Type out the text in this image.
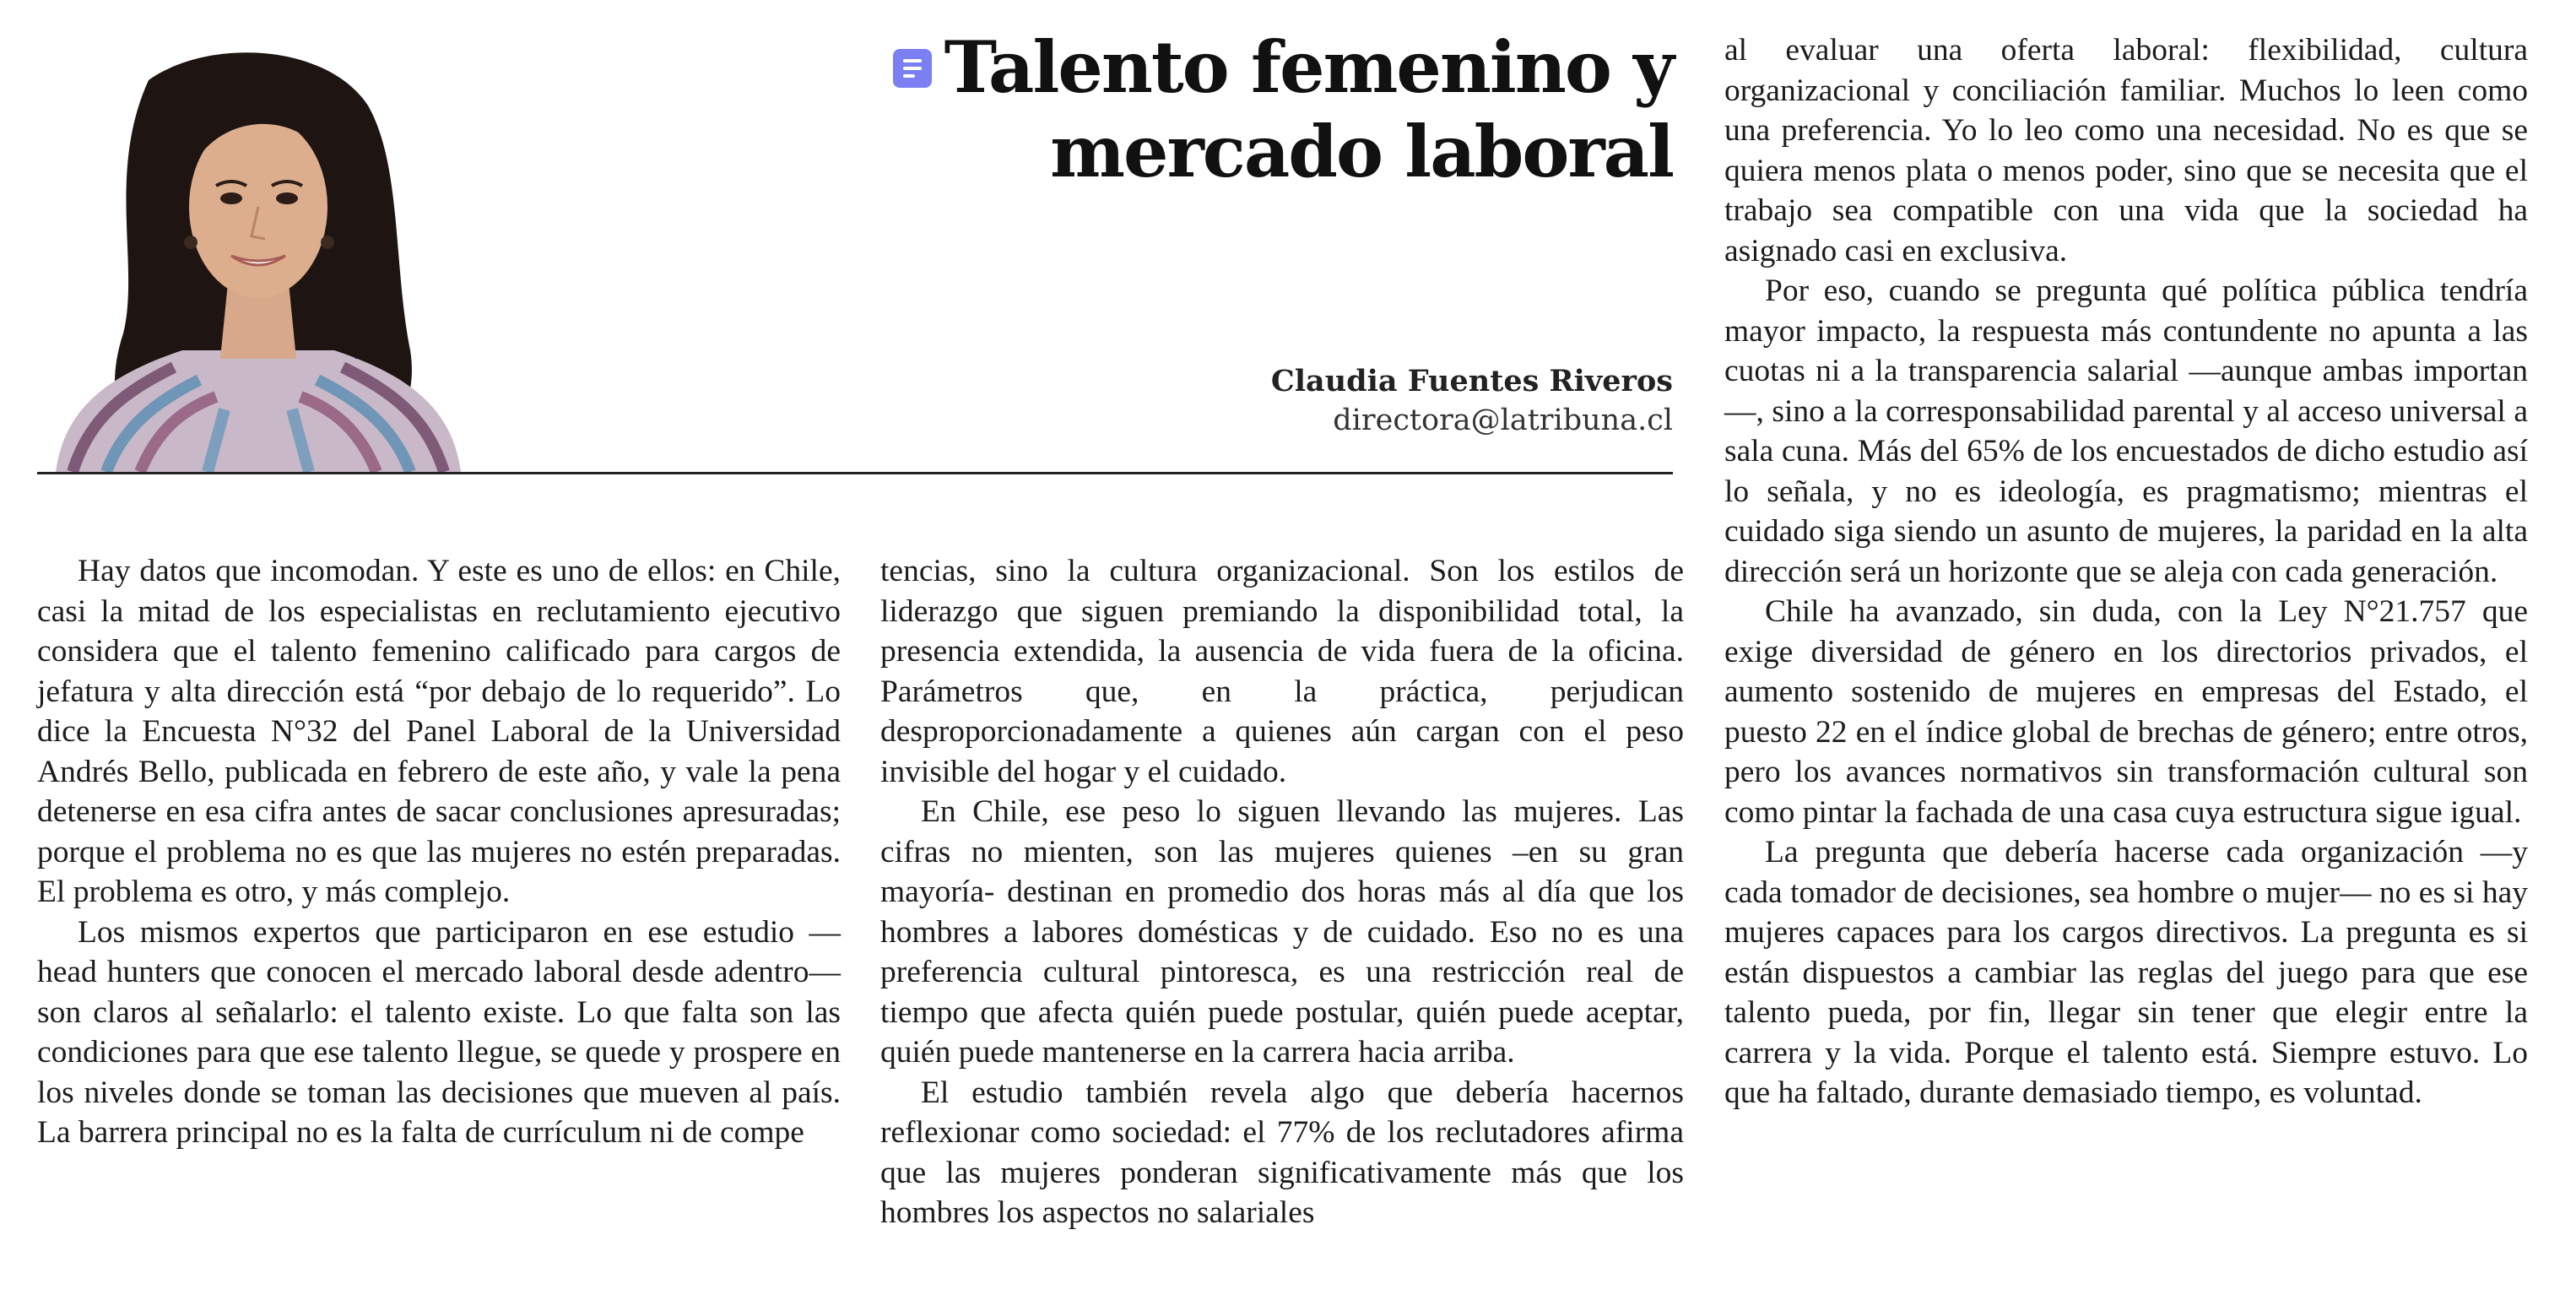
Talento femenino y mercado laboral
Claudia Fuentes Riveros
directora@latribuna.cl

Hay datos que incomodan. Y este es uno de ellos: en Chile, casi la mitad de los especialistas en reclutamiento ejecutivo considera que el talento femenino calificado para cargos de jefatura y alta dirección está “por debajo de lo requerido”. Lo dice la Encuesta N°32 del Panel Laboral de la Universidad Andrés Bello, publicada en febrero de este año, y vale la pena detenerse en esa cifra antes de sacar conclusiones apresuradas; porque el problema no es que las mujeres no estén preparadas. El problema es otro, y más complejo.

Los mismos expertos que participaron en ese estudio —head hunters que conocen el mercado laboral desde adentro— son claros al señalarlo: el talento existe. Lo que falta son las condiciones para que ese talento llegue, se quede y prospere en los niveles donde se toman las decisiones que mueven al país. La barrera principal no es la falta de currículum ni de compe

tencias, sino la cultura organizacional. Son los estilos de liderazgo que siguen premiando la disponibilidad total, la presencia extendida, la ausencia de vida fuera de la oficina. Parámetros que, en la práctica, perjudican desproporcionadamente a quienes aún cargan con el peso invisible del hogar y el cuidado.

En Chile, ese peso lo siguen llevando las mujeres. Las cifras no mienten, son las mujeres quienes –en su gran mayoría- destinan en promedio dos horas más al día que los hombres a labores domésticas y de cuidado. Eso no es una preferencia cultural pintoresca, es una restricción real de tiempo que afecta quién puede postular, quién puede aceptar, quién puede mantenerse en la carrera hacia arriba.

El estudio también revela algo que debería hacernos reflexionar como sociedad: el 77% de los reclutadores afirma que las mujeres ponderan significativamente más que los hombres los aspectos no salariales

al evaluar una oferta laboral: flexibilidad, cultura organizacional y conciliación familiar. Muchos lo leen como una preferencia. Yo lo leo como una necesidad. No es que se quiera menos plata o menos poder, sino que se necesita que el trabajo sea compatible con una vida que la sociedad ha asignado casi en exclusiva.

Por eso, cuando se pregunta qué política pública tendría mayor impacto, la respuesta más contundente no apunta a las cuotas ni a la transparencia salarial —aunque ambas importan—, sino a la corresponsabilidad parental y al acceso universal a sala cuna. Más del 65% de los encuestados de dicho estudio así lo señala, y no es ideología, es pragmatismo; mientras el cuidado siga siendo un asunto de mujeres, la paridad en la alta dirección será un horizonte que se aleja con cada generación.

Chile ha avanzado, sin duda, con la Ley N°21.757 que exige diversidad de género en los directorios privados, el aumento sostenido de mujeres en empresas del Estado, el puesto 22 en el índice global de brechas de género; entre otros, pero los avances normativos sin transformación cultural son como pintar la fachada de una casa cuya estructura sigue igual.

La pregunta que debería hacerse cada organización —y cada tomador de decisiones, sea hombre o mujer— no es si hay mujeres capaces para los cargos directivos. La pregunta es si están dispuestos a cambiar las reglas del juego para que ese talento pueda, por fin, llegar sin tener que elegir entre la carrera y la vida. Porque el talento está. Siempre estuvo. Lo que ha faltado, durante demasiado tiempo, es voluntad.
